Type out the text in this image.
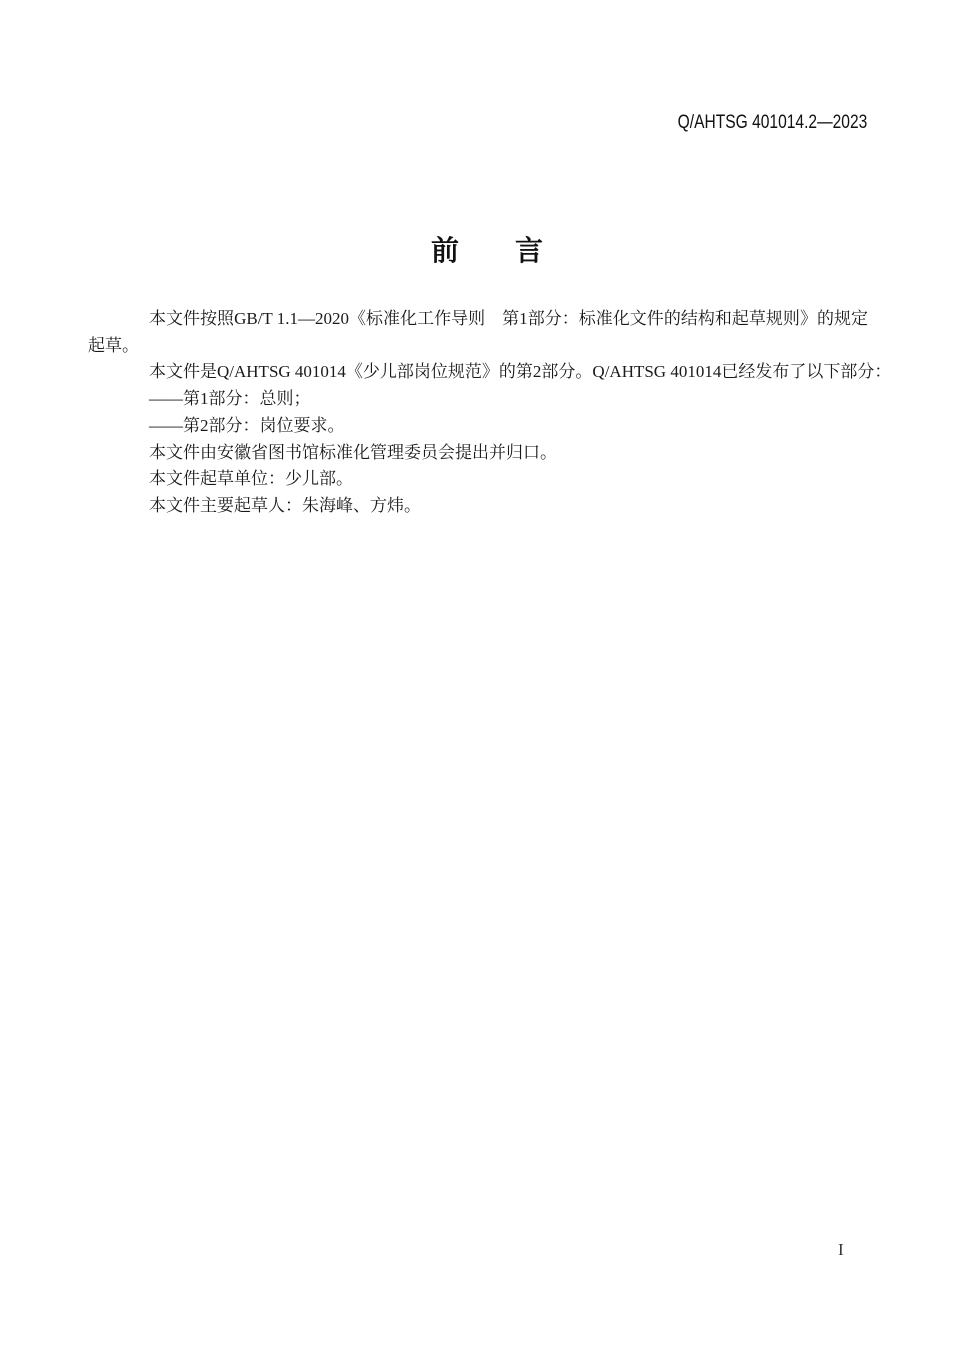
Q/AHTSG 401014.2—2023
前　　言

本文件按照GB/T 1.1—2020《标准化工作导则　第1部分：标准化文件的结构和起草规则》的规定起草。

本文件是Q/AHTSG 401014《少儿部岗位规范》的第2部分。Q/AHTSG 401014已经发布了以下部分：

——第1部分：总则；

——第2部分：岗位要求。

本文件由安徽省图书馆标准化管理委员会提出并归口。

本文件起草单位：少儿部。

本文件主要起草人：朱海峰、方炜。

I
